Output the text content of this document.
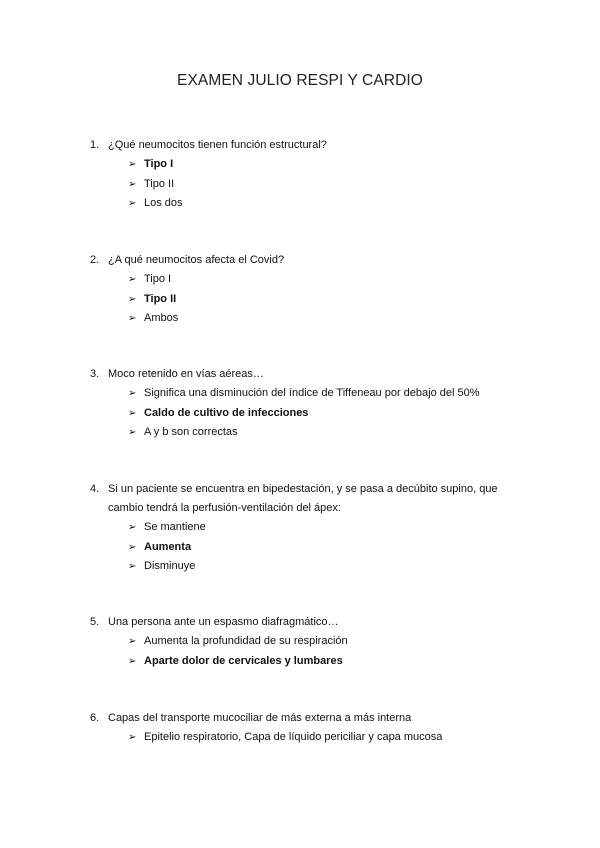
EXAMEN JULIO RESPI Y CARDIO
1. ¿Qué neumocitos tienen función estructural?
➢ Tipo I
➢ Tipo II
➢ Los dos
2. ¿A qué neumocitos afecta el Covid?
➢ Tipo I
➢ Tipo II
➢ Ambos
3. Moco retenido en vías aéreas…
➢ Significa una disminución del índice de Tiffeneau por debajo del 50%
➢ Caldo de cultivo de infecciones
➢ A y b son correctas
4. Si un paciente se encuentra en bipedestación, y se pasa a decúbito supino, que cambio tendrá la perfusión-ventilación del ápex:
➢ Se mantiene
➢ Aumenta
➢ Disminuye
5. Una persona ante un espasmo diafragmático…
➢ Aumenta la profundidad de su respiración
➢ Aparte dolor de cervicales y lumbares
6. Capas del transporte mucociliar de más externa a más interna
➢ Epitelio respiratorio, Capa de líquido periciliar y capa mucosa
